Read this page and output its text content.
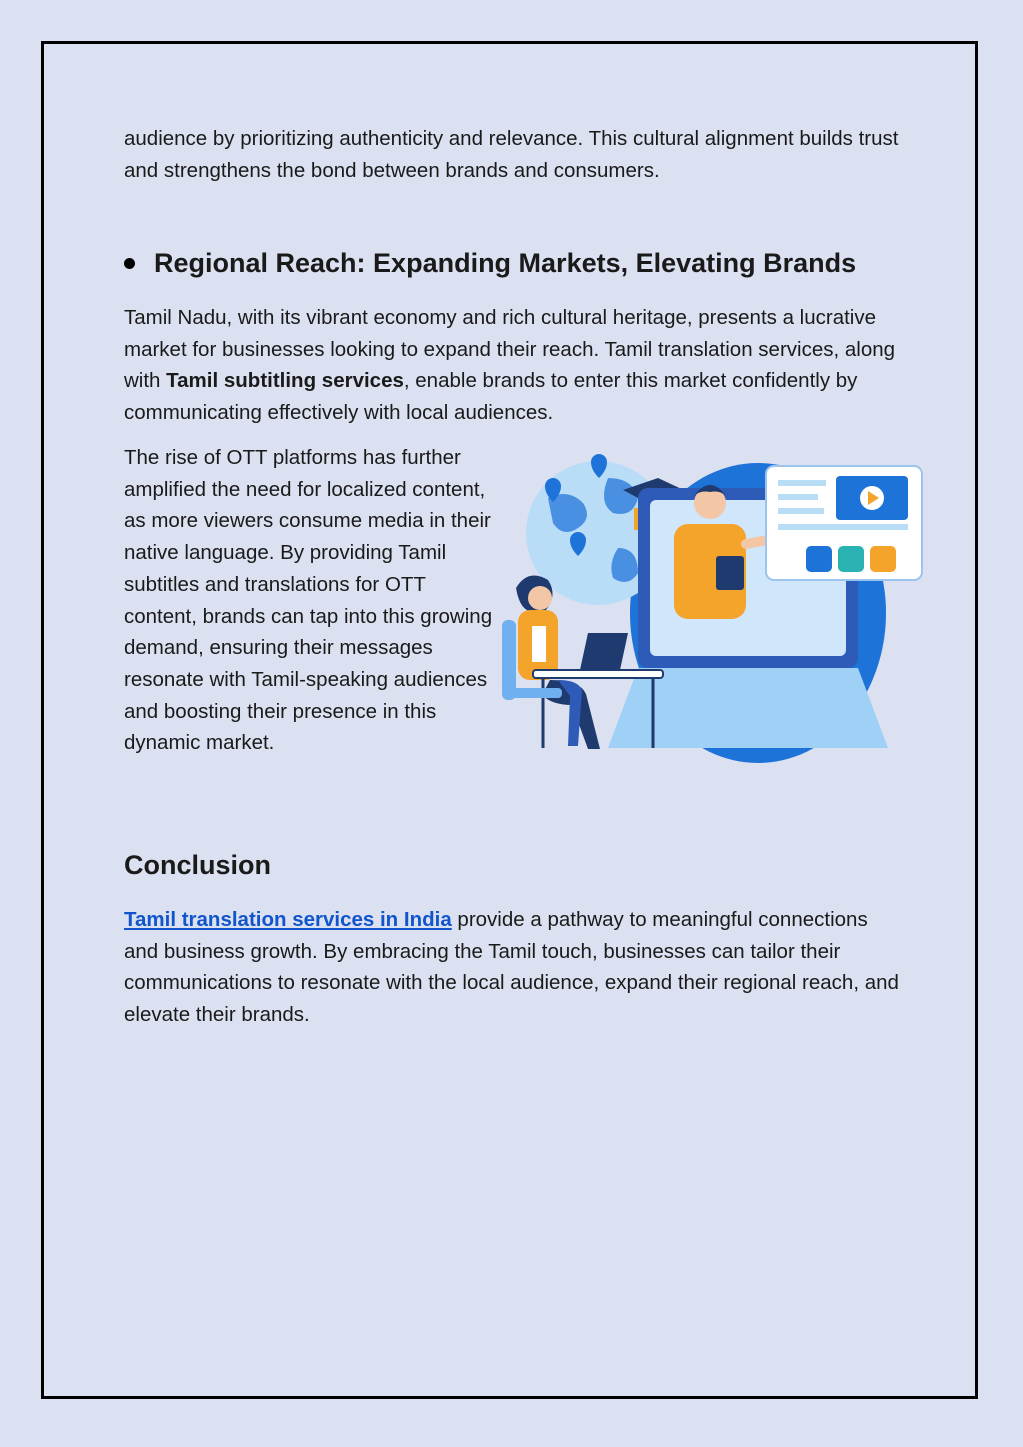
audience by prioritizing authenticity and relevance. This cultural alignment builds trust and strengthens the bond between brands and consumers.

Regional Reach: Expanding Markets, Elevating Brands

Tamil Nadu, with its vibrant economy and rich cultural heritage, presents a lucrative market for businesses looking to expand their reach. Tamil translation services, along with Tamil subtitling services, enable brands to enter this market confidently by communicating effectively with local audiences.

The rise of OTT platforms has further amplified the need for localized content, as more viewers consume media in their native language. By providing Tamil subtitles and translations for OTT content, brands can tap into this growing demand, ensuring their messages resonate with Tamil-speaking audiences and boosting their presence in this dynamic market.

Conclusion

Tamil translation services in India provide a pathway to meaningful connections and business growth. By embracing the Tamil touch, businesses can tailor their communications to resonate with the local audience, expand their regional reach, and elevate their brands.
